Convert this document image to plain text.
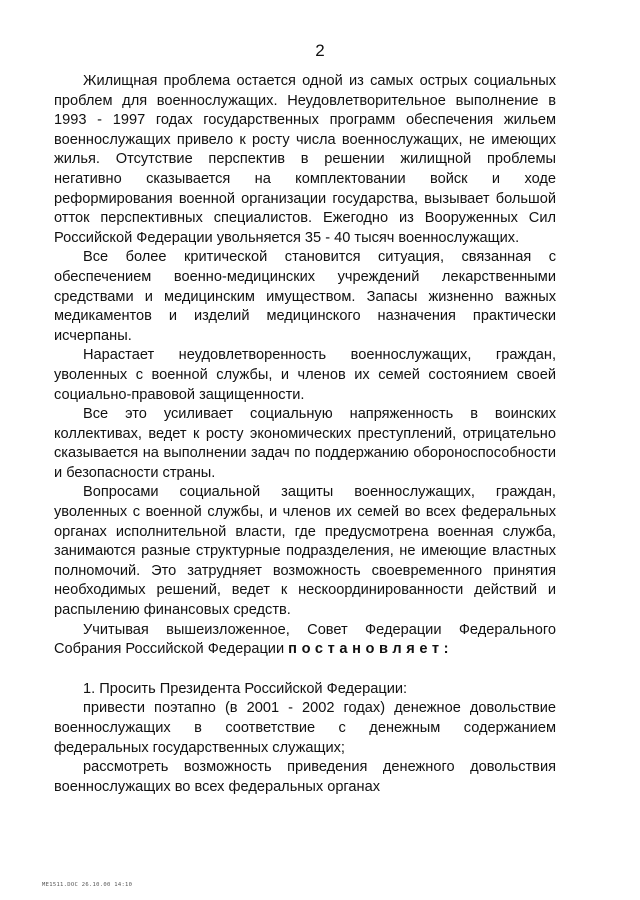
2

Жилищная проблема остается одной из самых острых социальных проблем для военнослужащих. Неудовлетворительное выполнение в 1993 - 1997 годах государственных программ обеспечения жильем военнослужащих привело к росту числа военнослужащих, не имеющих жилья. Отсутствие перспектив в решении жилищной проблемы негативно сказывается на комплектовании войск и ходе реформирования военной организации государства, вызывает большой отток перспективных специалистов. Ежегодно из Вооруженных Сил Российской Федерации увольняется 35 - 40 тысяч военнослужащих.

Все более критической становится ситуация, связанная с обеспечением военно-медицинских учреждений лекарственными средствами и медицинским имуществом. Запасы жизненно важных медикаментов и изделий медицинского назначения практически исчерпаны.

Нарастает неудовлетворенность военнослужащих, граждан, уволенных с военной службы, и членов их семей состоянием своей социально-правовой защищенности.

Все это усиливает социальную напряженность в воинских коллективах, ведет к росту экономических преступлений, отрицательно сказывается на выполнении задач по поддержанию обороноспособности и безопасности страны.

Вопросами социальной защиты военнослужащих, граждан, уволенных с военной службы, и членов их семей во всех федеральных органах исполнительной власти, где предусмотрена военная служба, занимаются разные структурные подразделения, не имеющие властных полномочий. Это затрудняет возможность своевременного принятия необходимых решений, ведет к нескоординированности действий и распылению финансовых средств.

Учитывая вышеизложенное, Совет Федерации Федерального Собрания Российской Федерации постановляет:

1. Просить Президента Российской Федерации:

привести поэтапно (в 2001 - 2002 годах) денежное довольствие военнослужащих в соответствие с денежным содержанием федеральных государственных служащих;

рассмотреть возможность приведения денежного довольствия военнослужащих во всех федеральных органах

МЕ1511.DOC 26.10.00 14:10
